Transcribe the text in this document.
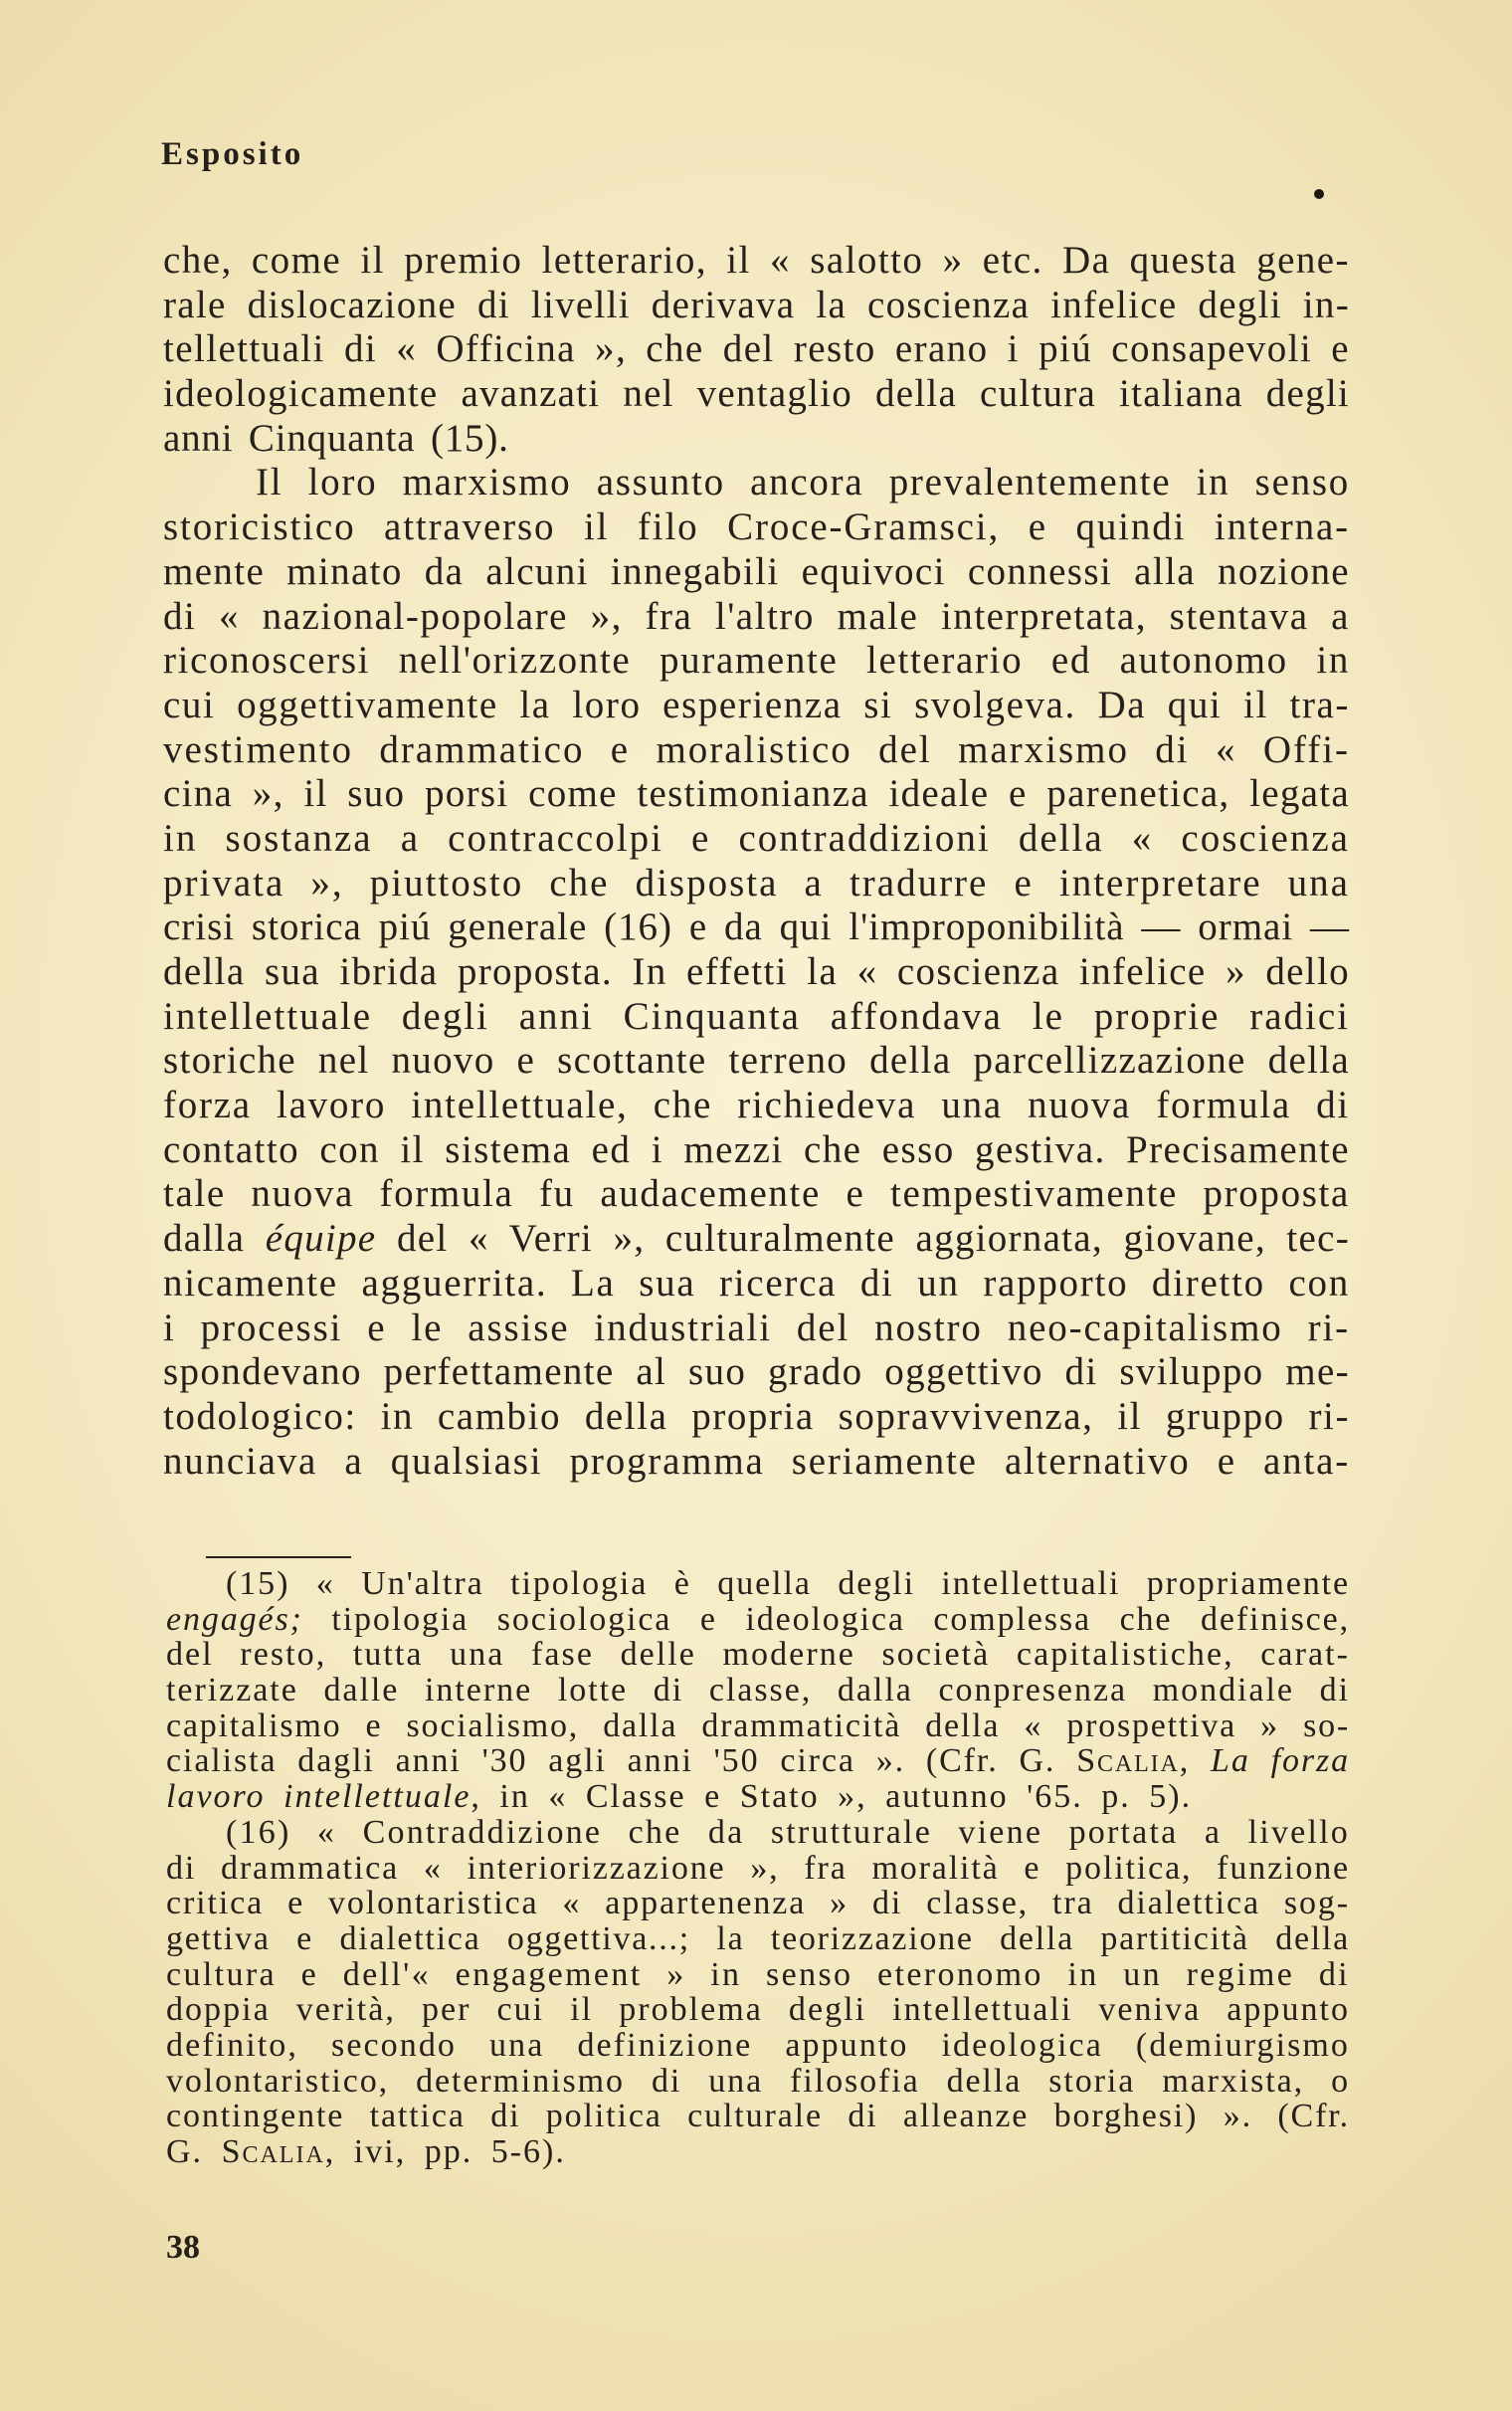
Esposito
che, come il premio letterario, il « salotto » etc. Da questa gene-
rale dislocazione di livelli derivava la coscienza infelice degli in-
tellettuali di « Officina », che del resto erano i piú consapevoli e
ideologicamente avanzati nel ventaglio della cultura italiana degli
anni Cinquanta (15).
Il loro marxismo assunto ancora prevalentemente in senso
storicistico attraverso il filo Croce-Gramsci, e quindi interna-
mente minato da alcuni innegabili equivoci connessi alla nozione
di « nazional-popolare », fra l'altro male interpretata, stentava a
riconoscersi nell'orizzonte puramente letterario ed autonomo in
cui oggettivamente la loro esperienza si svolgeva. Da qui il tra-
vestimento drammatico e moralistico del marxismo di « Offi-
cina », il suo porsi come testimonianza ideale e parenetica, legata
in sostanza a contraccolpi e contraddizioni della « coscienza
privata », piuttosto che disposta a tradurre e interpretare una
crisi storica piú generale (16) e da qui l'improponibilità — ormai —
della sua ibrida proposta. In effetti la « coscienza infelice » dello
intellettuale degli anni Cinquanta affondava le proprie radici
storiche nel nuovo e scottante terreno della parcellizzazione della
forza lavoro intellettuale, che richiedeva una nuova formula di
contatto con il sistema ed i mezzi che esso gestiva. Precisamente
tale nuova formula fu audacemente e tempestivamente proposta
dalla équipe del « Verri », culturalmente aggiornata, giovane, tec-
nicamente agguerrita. La sua ricerca di un rapporto diretto con
i processi e le assise industriali del nostro neo-capitalismo ri-
spondevano perfettamente al suo grado oggettivo di sviluppo me-
todologico: in cambio della propria sopravvivenza, il gruppo ri-
nunciava a qualsiasi programma seriamente alternativo e anta-
(15) « Un'altra tipologia è quella degli intellettuali propriamente
engagés; tipologia sociologica e ideologica complessa che definisce,
del resto, tutta una fase delle moderne società capitalistiche, carat-
terizzate dalle interne lotte di classe, dalla conpresenza mondiale di
capitalismo e socialismo, dalla drammaticità della « prospettiva » so-
cialista dagli anni '30 agli anni '50 circa ». (Cfr. G. Scalia, La forza
lavoro intellettuale, in « Classe e Stato », autunno '65. p. 5).
(16) « Contraddizione che da strutturale viene portata a livello
di drammatica « interiorizzazione », fra moralità e politica, funzione
critica e volontaristica « appartenenza » di classe, tra dialettica sog-
gettiva e dialettica oggettiva...; la teorizzazione della partiticità della
cultura e dell'« engagement » in senso eteronomo in un regime di
doppia verità, per cui il problema degli intellettuali veniva appunto
definito, secondo una definizione appunto ideologica (demiurgismo
volontaristico, determinismo di una filosofia della storia marxista, o
contingente tattica di politica culturale di alleanze borghesi) ». (Cfr.
G. Scalia, ivi, pp. 5-6).
38
